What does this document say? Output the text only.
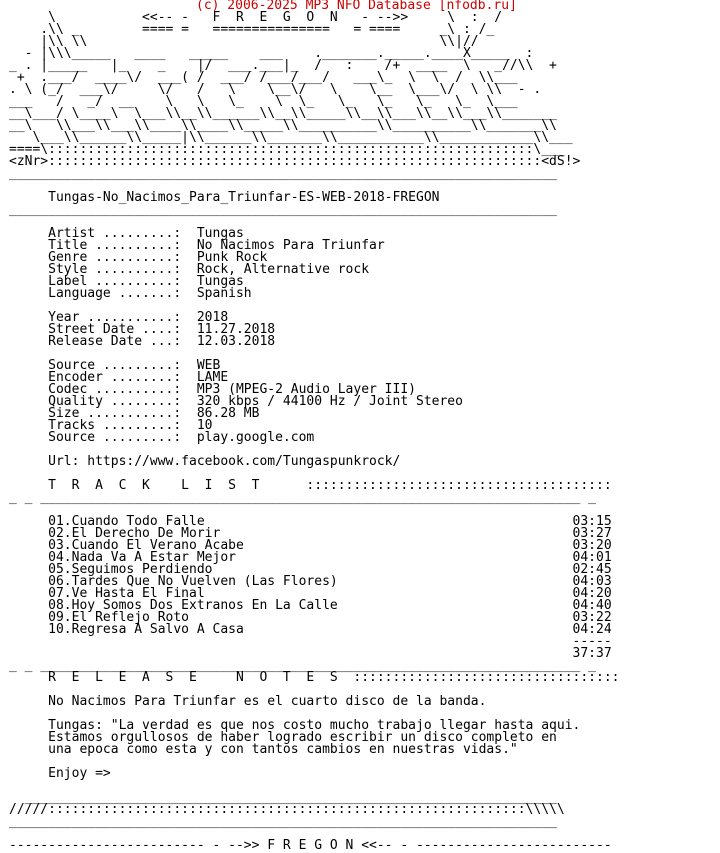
(c) 2006-2025 MP3 NFO Database [nfodb.ru]
\           <<-- -   F  R  E  G  O  N   - -->>     \  :  /
.\\ _        ==== =   ===============   = ====     _\ : /_
|\\ \\                                             \\|//
- |\\\_____   ____   _____    ___    ._______._____.____X_____  :
_ . |_____   |_    _    |/  ___.___|_  /   :    /+  ____  \   _//\\  +
+  .___/  ____\/  ___( /  ___/ /___/___/   ___\_  \  \  /  \\___
. \ (_/  ___\/     \/   /   \    \__\/   \    \__  \___\/  \ \\  - .
___   /   _/  __    \   \   \_    \  \_   \_   \_   \_   \_  \___
__\___/ \____\  \___\\__\\______\\__\\_____\\__\\___\\__\\___\\_______
__\   \\___\\___\\____\\____\\_____\\__________\\__________\\_______\\
\___\\______\\_____|\\______\\_______\\___________\\____________\\___
====\::::::::::::::::::::::::::::::::::::::::::::::::::::::::::::::\___
<zNr>:::::::::::::::::::::::::::::::::::::::::::::::::::::::::::::::<dS!>
______________________________________________________________________
Tungas-No_Nacimos_Para_Triunfar-ES-WEB-2018-FREGON
______________________________________________________________________
Artist .........:  Tungas
Title ..........:  No Nacimos Para Triunfar
Genre ..........:  Punk Rock
Style ..........:  Rock, Alternative rock
Label ..........:  Tungas
Language .......:  Spanish
Year ...........:  2018
Street Date ....:  11.27.2018
Release Date ...:  12.03.2018
Source .........:  WEB
Encoder ........:  LAME
Codec ..........:  MP3 (MPEG-2 Audio Layer III)
Quality ........:  320 kbps / 44100 Hz / Joint Stereo
Size ...........:  86.28 MB
Tracks .........:  10
Source .........:  play.google.com
Url: https://www.facebook.com/Tungaspunkrock/
T  R  A  C  K    L  I  S  T      :::::::::::::::::::::::::::::::::::::::
_ _ _____________________________________________________________________ _
01.Cuando Todo Falle                                               03:15
02.El Derecho De Morir                                             03:27
03.Cuando El Verano Acabe                                          03:20
04.Nada Va A Estar Mejor                                           04:01
05.Seguimos Perdiendo                                              02:45
06.Tardes Que No Vuelven (Las Flores)                              04:03
07.Ve Hasta El Final                                               04:20
08.Hoy Somos Dos Extranos En La Calle                              04:40
09.El Reflejo Roto                                                 03:22
10.Regresa A Salvo A Casa                                          04:24
-----
37:37
_ _ _____________________________________________________________________ _
R  E  L  E  A  S  E     N  O  T  E  S  ::::::::::::::::::::::::::::::::::
No Nacimos Para Triunfar es el cuarto disco de la banda.
Tungas: "La verdad es que nos costo mucho trabajo llegar hasta aqui.
Estamos orgullosos de haber logrado escribir un disco completo en
una epoca como esta y con tantos cambios en nuestras vidas."
Enjoy =>
____________________________________________________________________
/////:::::::::::::::::::::::::::::::::::::::::::::::::::::::::::::\\\\\
______________________________________________________________________
------------------------- - -->> F R E G O N <<-- - -------------------------
